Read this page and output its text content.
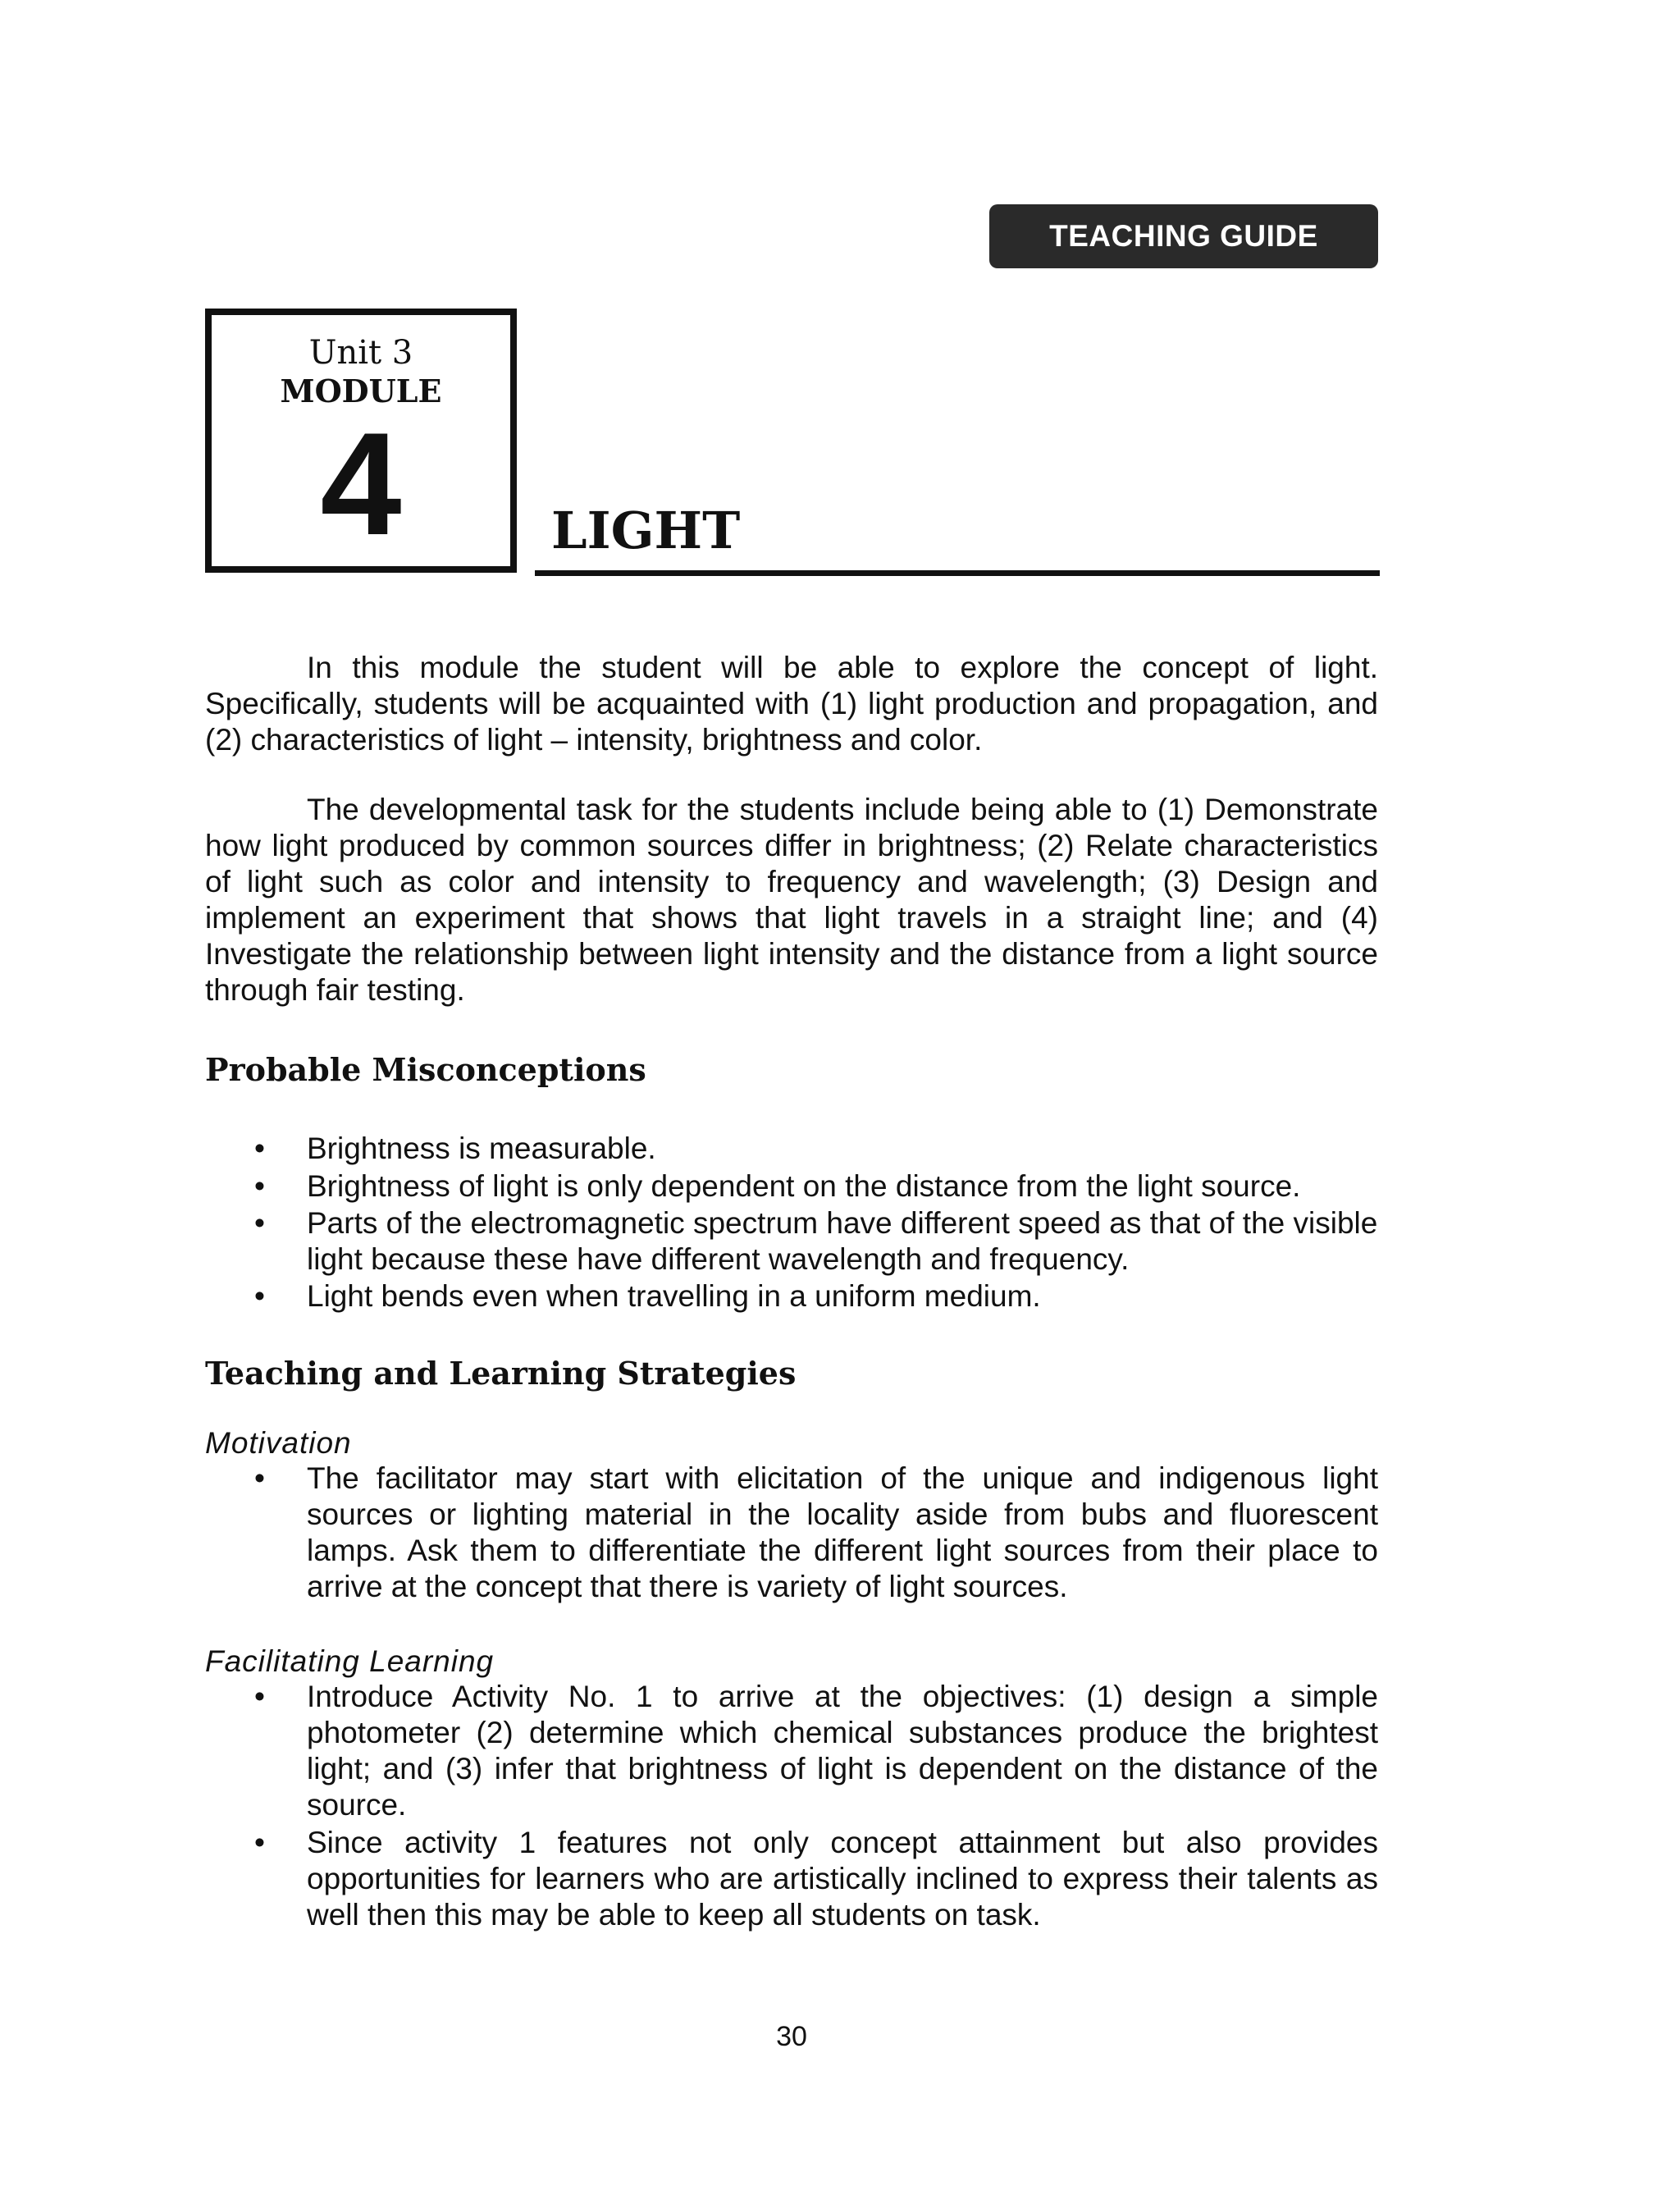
TEACHING GUIDE
Unit 3
MODULE
4	LIGHT

In this module the student will be able to explore the concept of light. Specifically, students will be acquainted with (1) light production and propagation, and (2) characteristics of light – intensity, brightness and color.

The developmental task for the students include being able to (1) Demonstrate how light produced by common sources differ in brightness; (2) Relate characteristics of light such as color and intensity to frequency and wavelength; (3) Design and implement an experiment that shows that light travels in a straight line; and (4) Investigate the relationship between light intensity and the distance from a light source through fair testing.

Probable Misconceptions
• Brightness is measurable.
• Brightness of light is only dependent on the distance from the light source.
• Parts of the electromagnetic spectrum have different speed as that of the visible light because these have different wavelength and frequency.
• Light bends even when travelling in a uniform medium.
Teaching and Learning Strategies
Motivation
• The facilitator may start with elicitation of the unique and indigenous light sources or lighting material in the locality aside from bubs and fluorescent lamps. Ask them to differentiate the different light sources from their place to arrive at the concept that there is variety of light sources.
Facilitating Learning
• Introduce Activity No. 1 to arrive at the objectives: (1) design a simple photometer (2) determine which chemical substances produce the brightest light; and (3) infer that brightness of light is dependent on the distance of the source.
• Since activity 1 features not only concept attainment but also provides opportunities for learners who are artistically inclined to express their talents as well then this may be able to keep all students on task.
30
